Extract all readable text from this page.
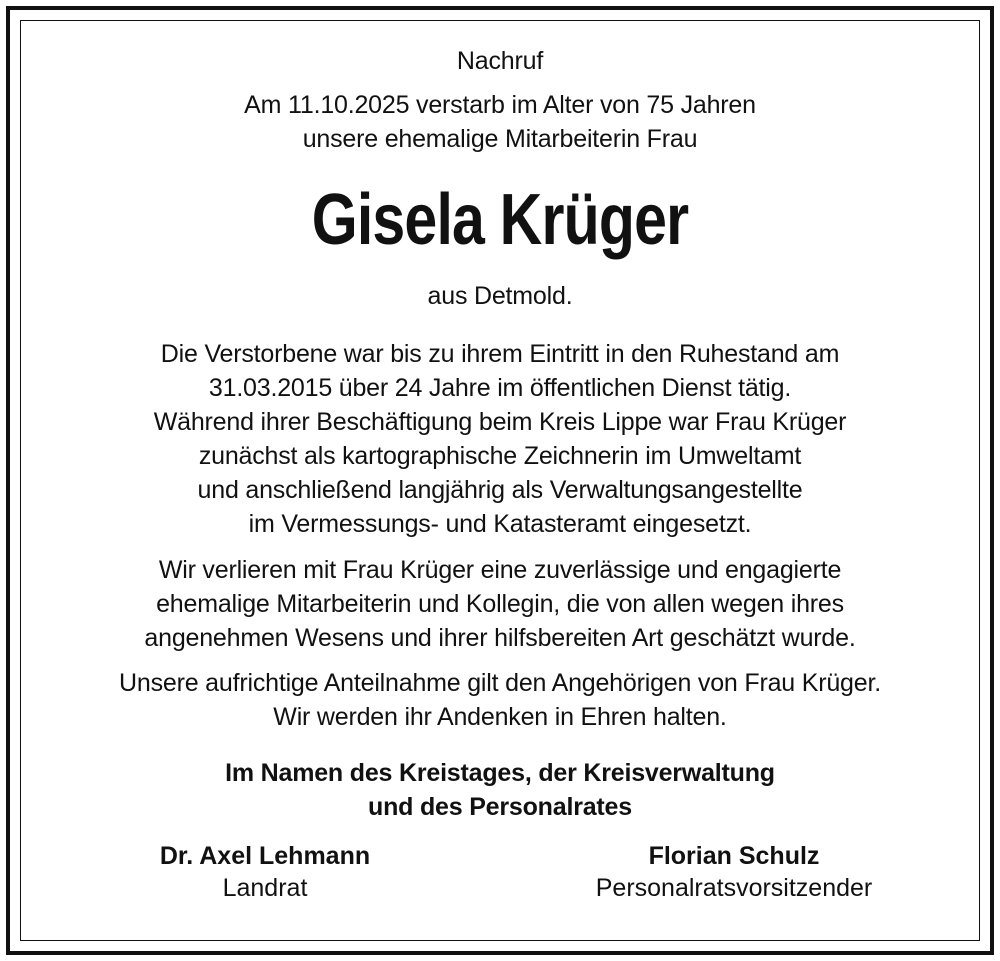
Nachruf
Am 11.10.2025 verstarb im Alter von 75 Jahren
unsere ehemalige Mitarbeiterin Frau
Gisela Krüger
aus Detmold.
Die Verstorbene war bis zu ihrem Eintritt in den Ruhestand am
31.03.2015 über 24 Jahre im öffentlichen Dienst tätig.
Während ihrer Beschäftigung beim Kreis Lippe war Frau Krüger
zunächst als kartographische Zeichnerin im Umweltamt
und anschließend langjährig als Verwaltungsangestellte
im Vermessungs- und Katasteramt eingesetzt.
Wir verlieren mit Frau Krüger eine zuverlässige und engagierte
ehemalige Mitarbeiterin und Kollegin, die von allen wegen ihres
angenehmen Wesens und ihrer hilfsbereiten Art geschätzt wurde.
Unsere aufrichtige Anteilnahme gilt den Angehörigen von Frau Krüger.
Wir werden ihr Andenken in Ehren halten.
Im Namen des Kreistages, der Kreisverwaltung
und des Personalrates
Dr. Axel Lehmann
Landrat
Florian Schulz
Personalratsvorsitzender
